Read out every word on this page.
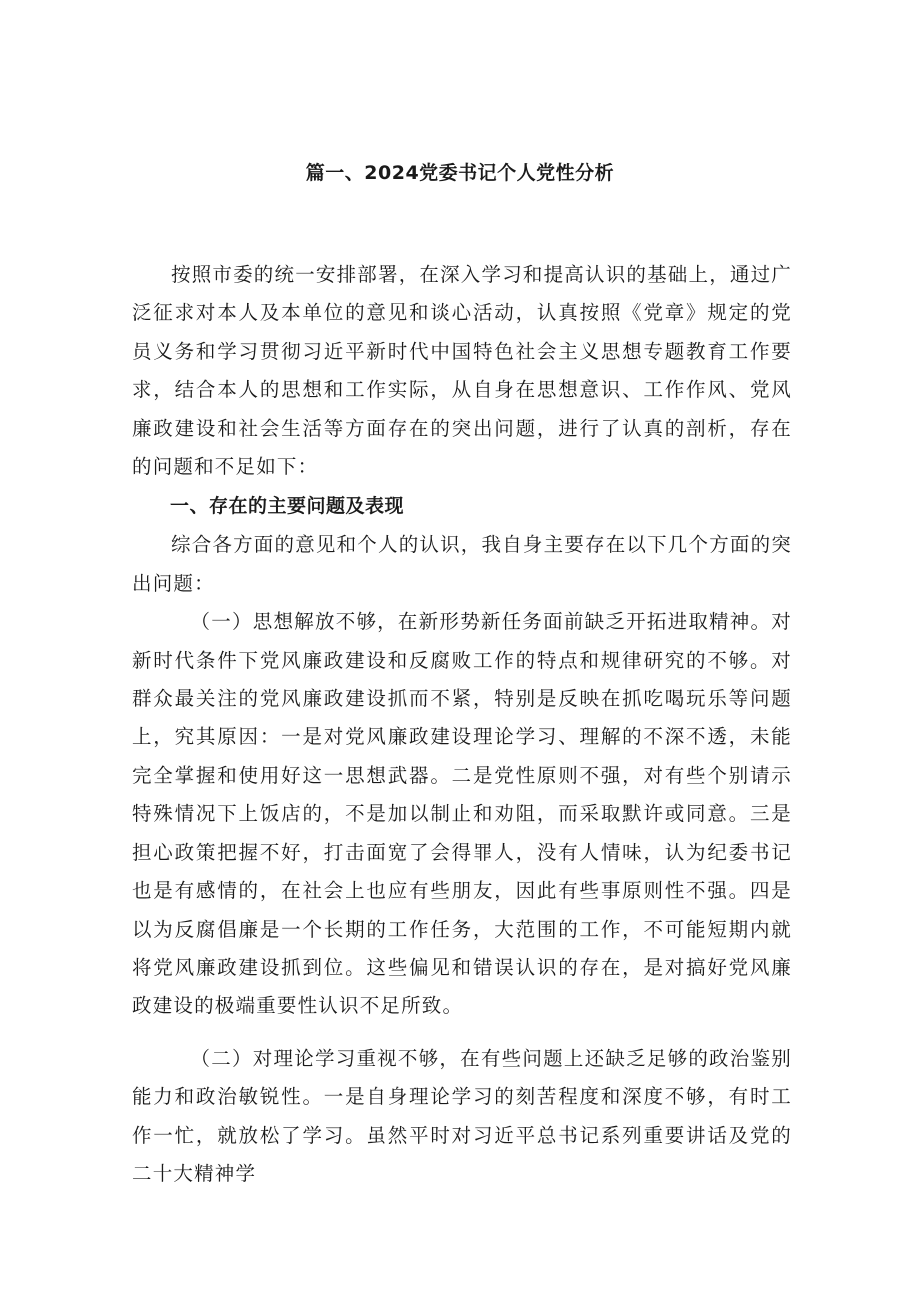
篇一、2024党委书记个人党性分析

按照市委的统一安排部署，在深入学习和提高认识的基础上，通过广泛征求对本人及本单位的意见和谈心活动，认真按照《党章》规定的党员义务和学习贯彻习近平新时代中国特色社会主义思想专题教育工作要求，结合本人的思想和工作实际，从自身在思想意识、工作作风、党风廉政建设和社会生活等方面存在的突出问题，进行了认真的剖析，存在的问题和不足如下：

一、存在的主要问题及表现

综合各方面的意见和个人的认识，我自身主要存在以下几个方面的突出问题：

（一）思想解放不够，在新形势新任务面前缺乏开拓进取精神。对新时代条件下党风廉政建设和反腐败工作的特点和规律研究的不够。对群众最关注的党风廉政建设抓而不紧，特别是反映在抓吃喝玩乐等问题上，究其原因：一是对党风廉政建设理论学习、理解的不深不透，未能完全掌握和使用好这一思想武器。二是党性原则不强，对有些个别请示特殊情况下上饭店的，不是加以制止和劝阻，而采取默许或同意。三是担心政策把握不好，打击面宽了会得罪人，没有人情味，认为纪委书记也是有感情的，在社会上也应有些朋友，因此有些事原则性不强。四是以为反腐倡廉是一个长期的工作任务，大范围的工作，不可能短期内就将党风廉政建设抓到位。这些偏见和错误认识的存在，是对搞好党风廉政建设的极端重要性认识不足所致。

（二）对理论学习重视不够，在有些问题上还缺乏足够的政治鉴别能力和政治敏锐性。一是自身理论学习的刻苦程度和深度不够，有时工作一忙，就放松了学习。虽然平时对习近平总书记系列重要讲话及党的二十大精神学
